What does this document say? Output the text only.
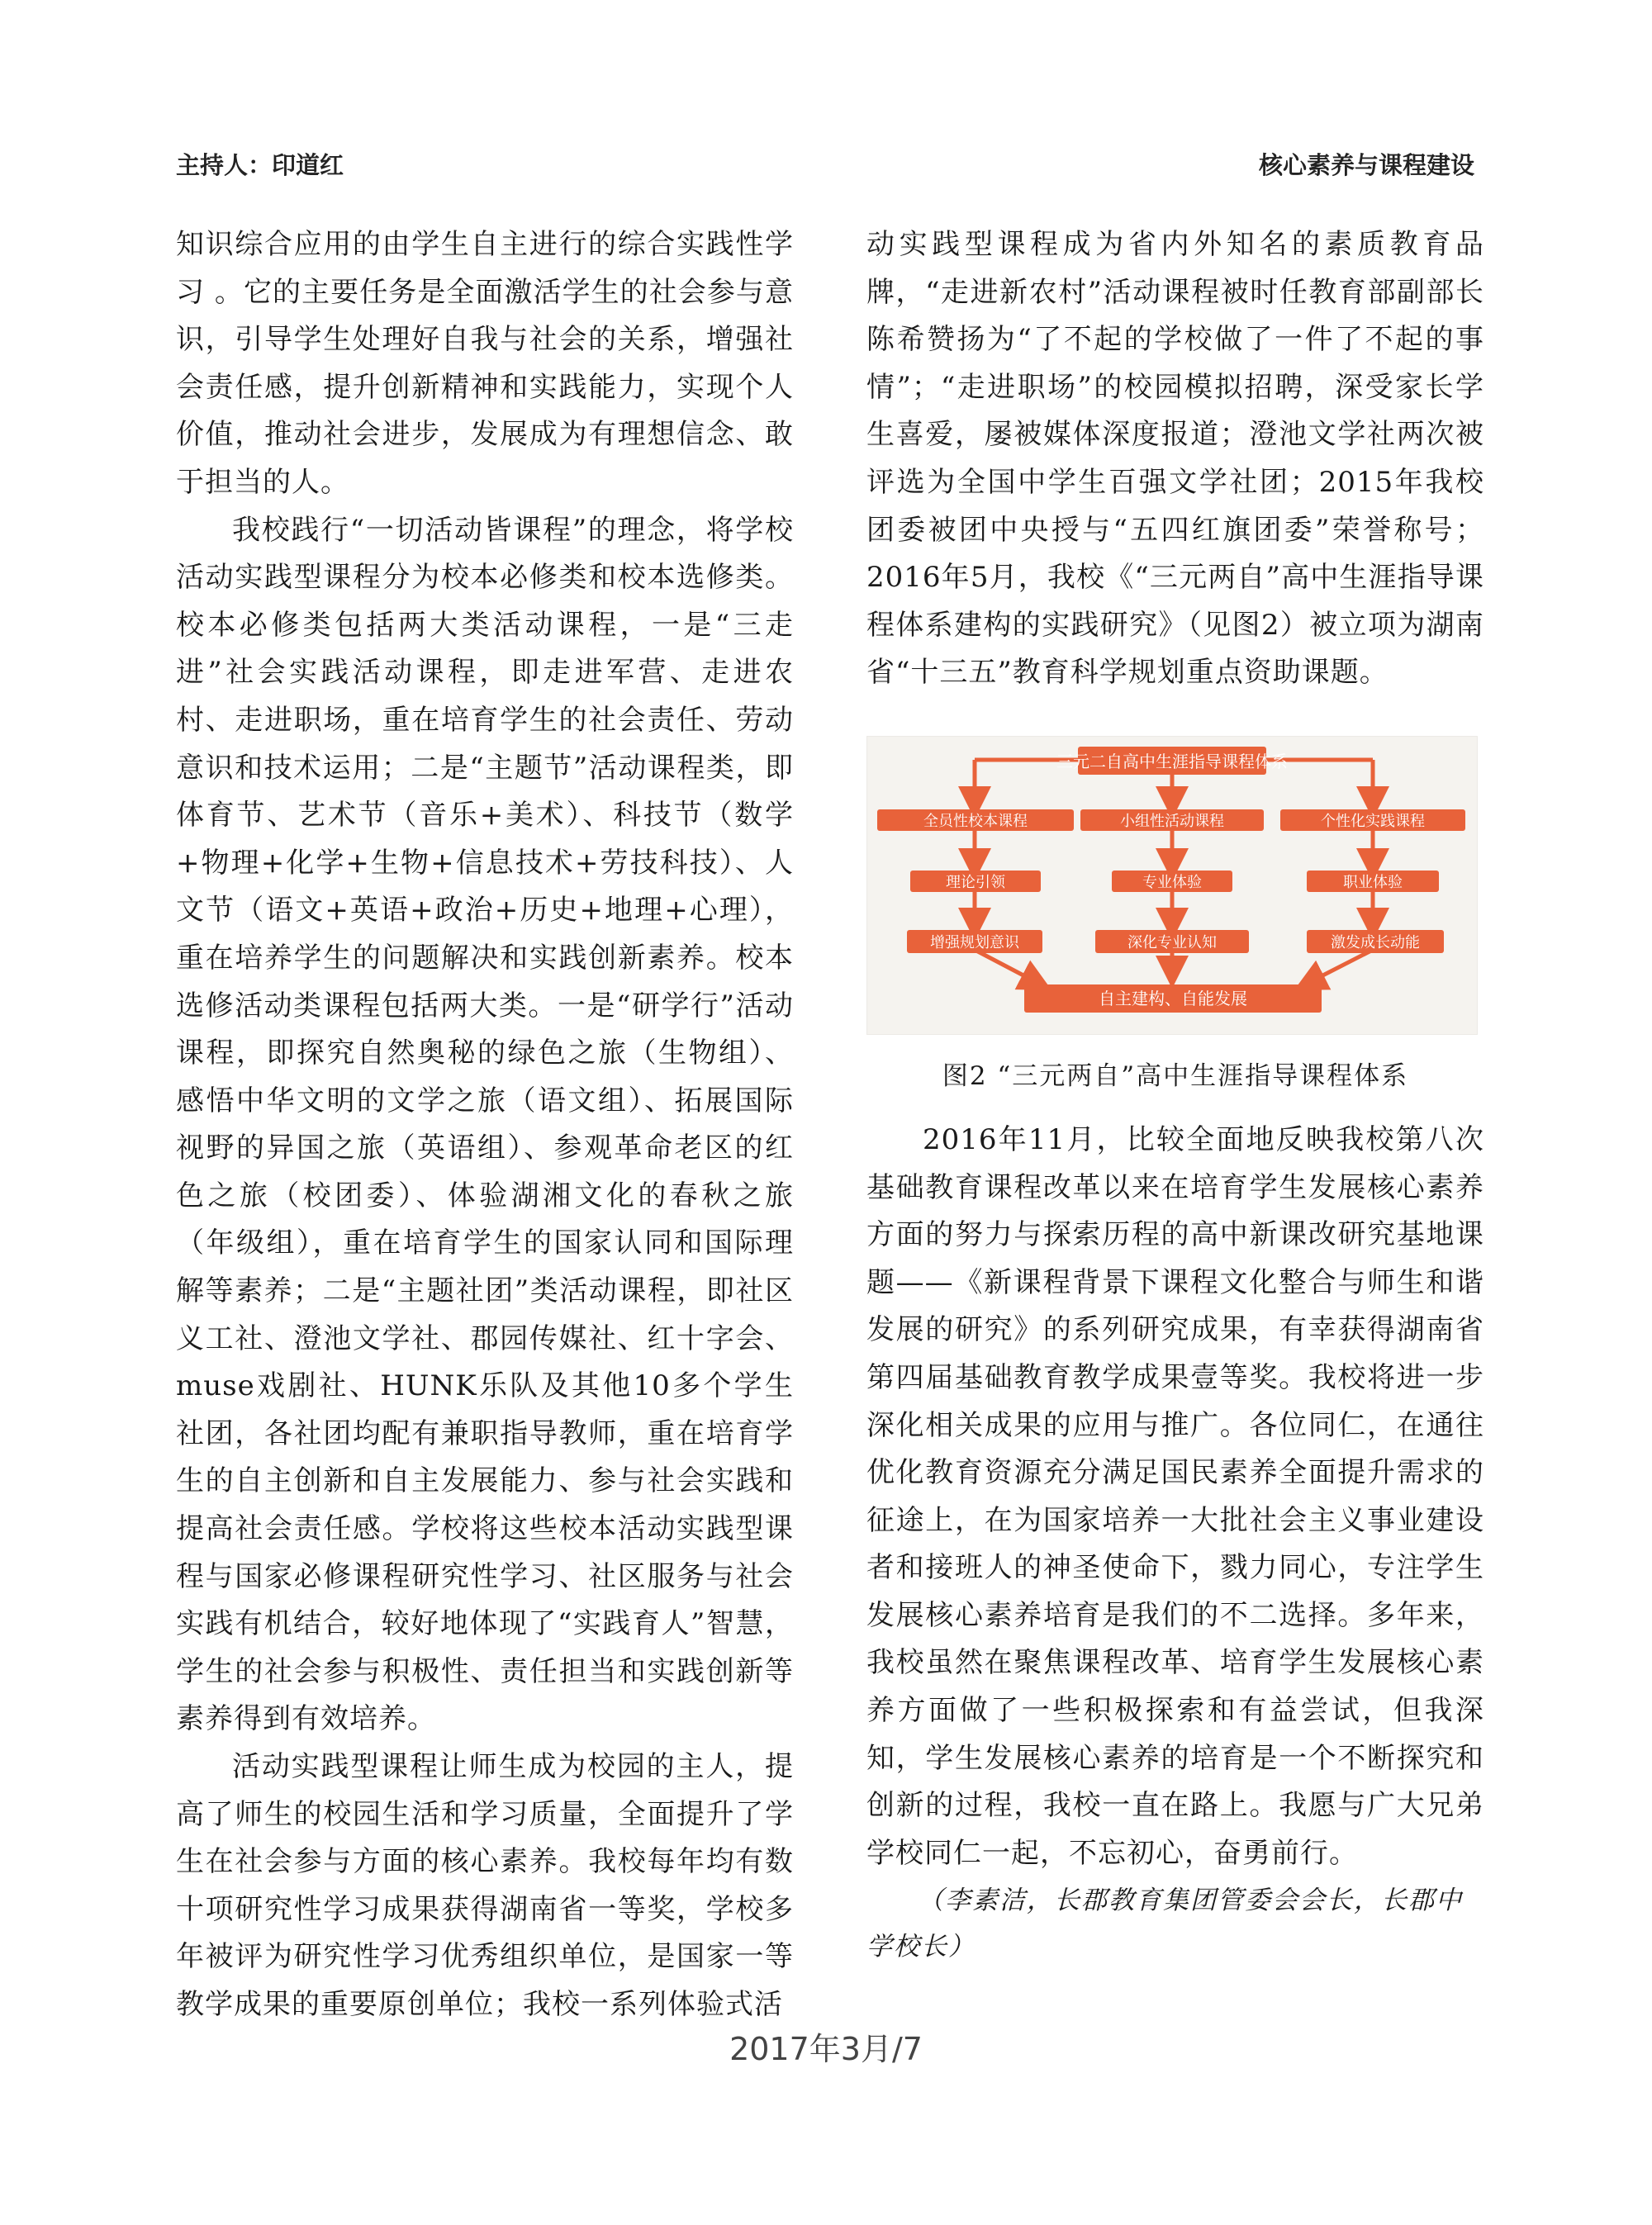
主持人：印道红	核心素养与课程建设

知识综合应用的由学生自主进行的综合实践性学习 。它的主要任务是全面激活学生的社会参与意识，引导学生处理好自我与社会的关系，增强社会责任感，提升创新精神和实践能力，实现个人价值，推动社会进步，发展成为有理想信念、敢于担当的人。

我校践行“一切活动皆课程”的理念，将学校活动实践型课程分为校本必修类和校本选修类。校本必修类包括两大类活动课程，一是“三走进”社会实践活动课程，即走进军营、走进农村、走进职场，重在培育学生的社会责任、劳动意识和技术运用；二是“主题节”活动课程类，即体育节、艺术节（音乐+美术）、科技节（数学+物理+化学+生物+信息技术+劳技科技）、人文节（语文+英语+政治+历史+地理+心理），重在培养学生的问题解决和实践创新素养。校本选修活动类课程包括两大类。一是“研学行”活动课程，即探究自然奥秘的绿色之旅（生物组）、感悟中华文明的文学之旅（语文组）、拓展国际视野的异国之旅（英语组）、参观革命老区的红色之旅（校团委）、体验湖湘文化的春秋之旅（年级组），重在培育学生的国家认同和国际理解等素养；二是“主题社团”类活动课程，即社区义工社、澄池文学社、郡园传媒社、红十字会、muse戏剧社、HUNK乐队及其他10多个学生社团，各社团均配有兼职指导教师，重在培育学生的自主创新和自主发展能力、参与社会实践和提高社会责任感。学校将这些校本活动实践型课程与国家必修课程研究性学习、社区服务与社会实践有机结合，较好地体现了“实践育人”智慧，学生的社会参与积极性、责任担当和实践创新等素养得到有效培养。

活动实践型课程让师生成为校园的主人，提高了师生的校园生活和学习质量，全面提升了学生在社会参与方面的核心素养。我校每年均有数十项研究性学习成果获得湖南省一等奖，学校多年被评为研究性学习优秀组织单位，是国家一等教学成果的重要原创单位；我校一系列体验式活

动实践型课程成为省内外知名的素质教育品牌，“走进新农村”活动课程被时任教育部副部长陈希赞扬为“了不起的学校做了一件了不起的事情”；“走进职场”的校园模拟招聘，深受家长学生喜爱，屡被媒体深度报道；澄池文学社两次被评选为全国中学生百强文学社团；2015年我校团委被团中央授与“五四红旗团委”荣誉称号；2016年5月，我校《“三元两自”高中生涯指导课程体系建构的实践研究》（见图2）被立项为湖南省“十三五”教育科学规划重点资助课题。

三元二自高中生涯指导课程体系
全员性校本课程
理论引领
增强规划意识
小组性活动课程
专业体验
深化专业认知
个性化实践课程
职业体验
激发成长动能
自主建构、自能发展
图2 “三元两自”高中生涯指导课程体系

2016年11月，比较全面地反映我校第八次基础教育课程改革以来在培育学生发展核心素养方面的努力与探索历程的高中新课改研究基地课题——《新课程背景下课程文化整合与师生和谐发展的研究》的系列研究成果，有幸获得湖南省第四届基础教育教学成果壹等奖。我校将进一步深化相关成果的应用与推广。各位同仁，在通往优化教育资源充分满足国民素养全面提升需求的征途上，在为国家培养一大批社会主义事业建设者和接班人的神圣使命下，戮力同心，专注学生发展核心素养培育是我们的不二选择。多年来，我校虽然在聚焦课程改革、培育学生发展核心素养方面做了一些积极探索和有益尝试，但我深知，学生发展核心素养的培育是一个不断探究和创新的过程，我校一直在路上。我愿与广大兄弟学校同仁一起，不忘初心，奋勇前行。

（李素洁，长郡教育集团管委会会长，长郡中学校长）

2017年3月/7
